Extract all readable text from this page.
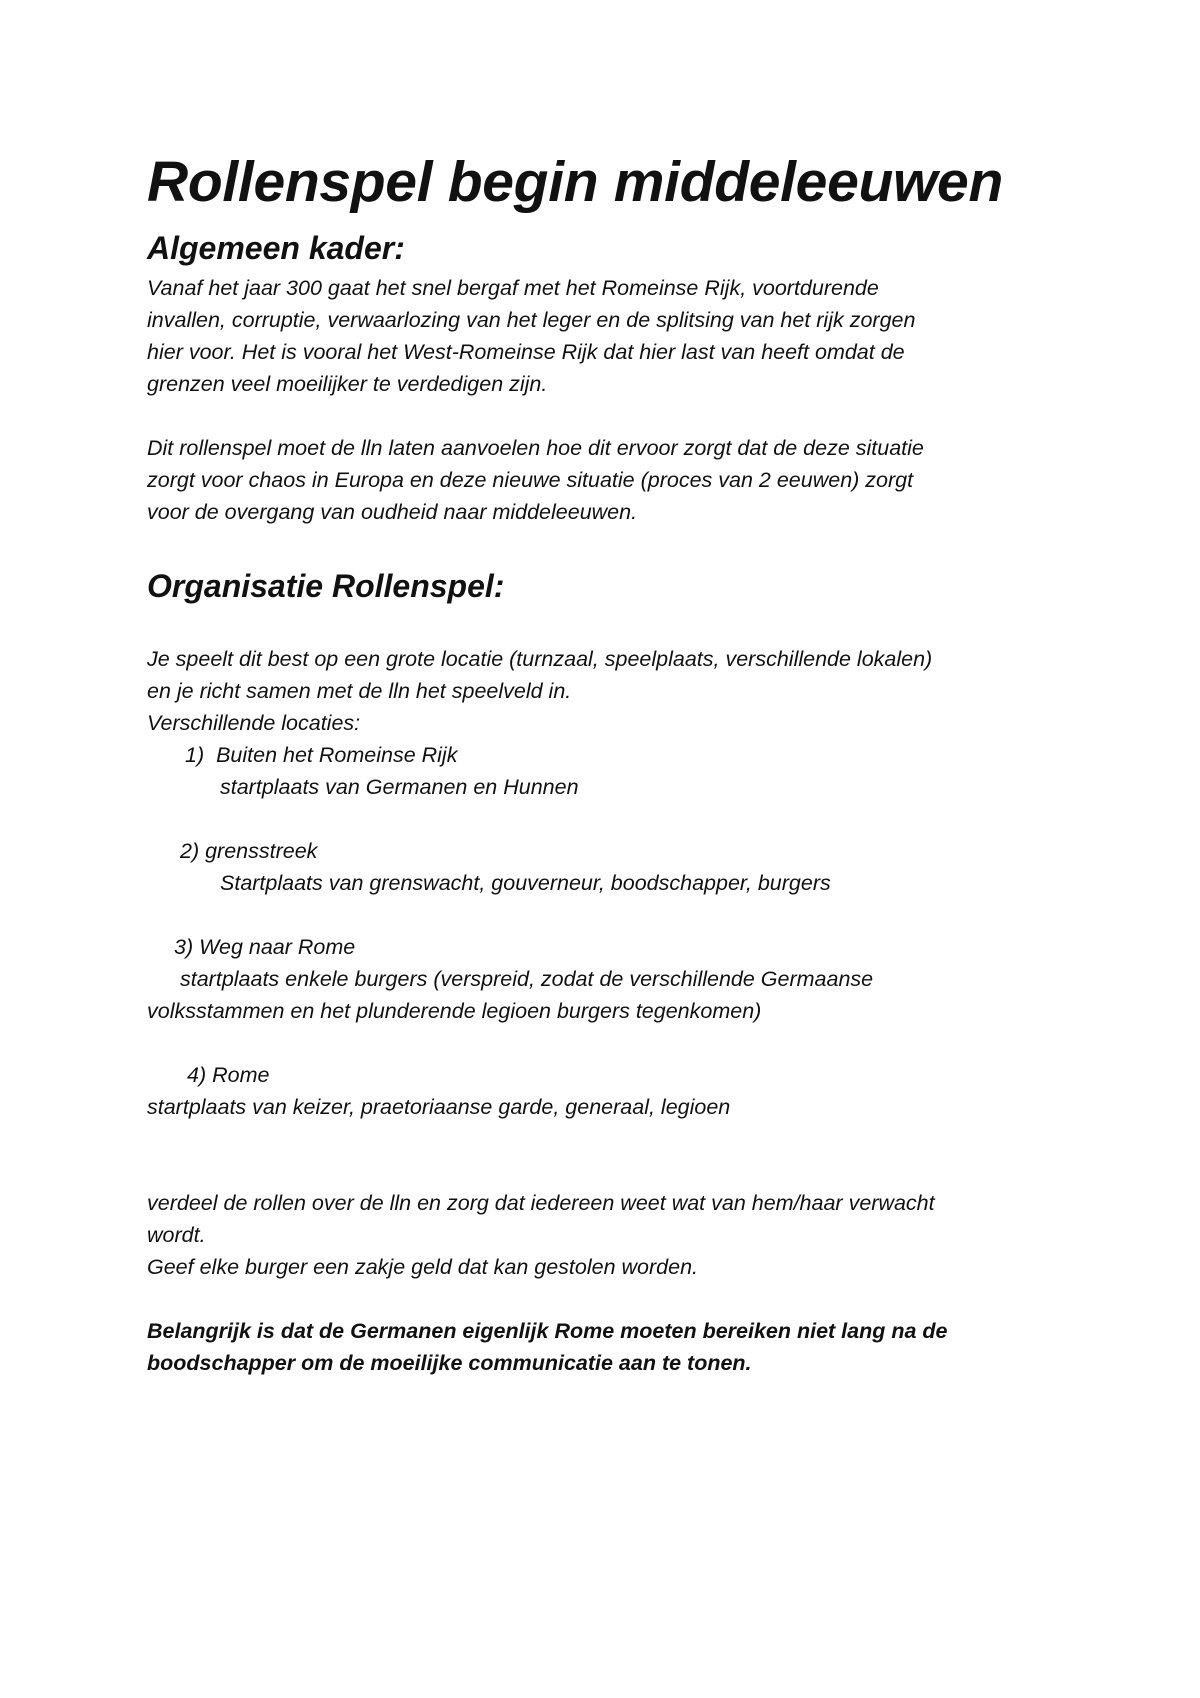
Rollenspel begin middeleeuwen
Algemeen kader:

Vanaf het jaar 300 gaat het snel bergaf met het Romeinse Rijk, voortdurende

invallen, corruptie, verwaarlozing van het leger en de splitsing van het rijk zorgen

hier voor. Het is vooral het West-Romeinse Rijk dat hier last van heeft omdat de

grenzen veel moeilijker te verdedigen zijn.

Dit rollenspel moet de lln laten aanvoelen hoe dit ervoor zorgt dat de deze situatie

zorgt voor chaos in Europa en deze nieuwe situatie (proces van 2 eeuwen) zorgt

voor de overgang van oudheid naar middeleeuwen.

Organisatie Rollenspel:

Je speelt dit best op een grote locatie (turnzaal, speelplaats, verschillende lokalen)

en je richt samen met de lln het speelveld in.

Verschillende locaties:

1)  Buiten het Romeinse Rijk

startplaats van Germanen en Hunnen

2) grensstreek

Startplaats van grenswacht, gouverneur, boodschapper, burgers

3) Weg naar Rome

startplaats enkele burgers (verspreid, zodat de verschillende Germaanse

volksstammen en het plunderende legioen burgers tegenkomen)

4) Rome

startplaats van keizer, praetoriaanse garde, generaal, legioen

verdeel de rollen over de lln en zorg dat iedereen weet wat van hem/haar verwacht

wordt.

Geef elke burger een zakje geld dat kan gestolen worden.

Belangrijk is dat de Germanen eigenlijk Rome moeten bereiken niet lang na de

boodschapper om de moeilijke communicatie aan te tonen.
